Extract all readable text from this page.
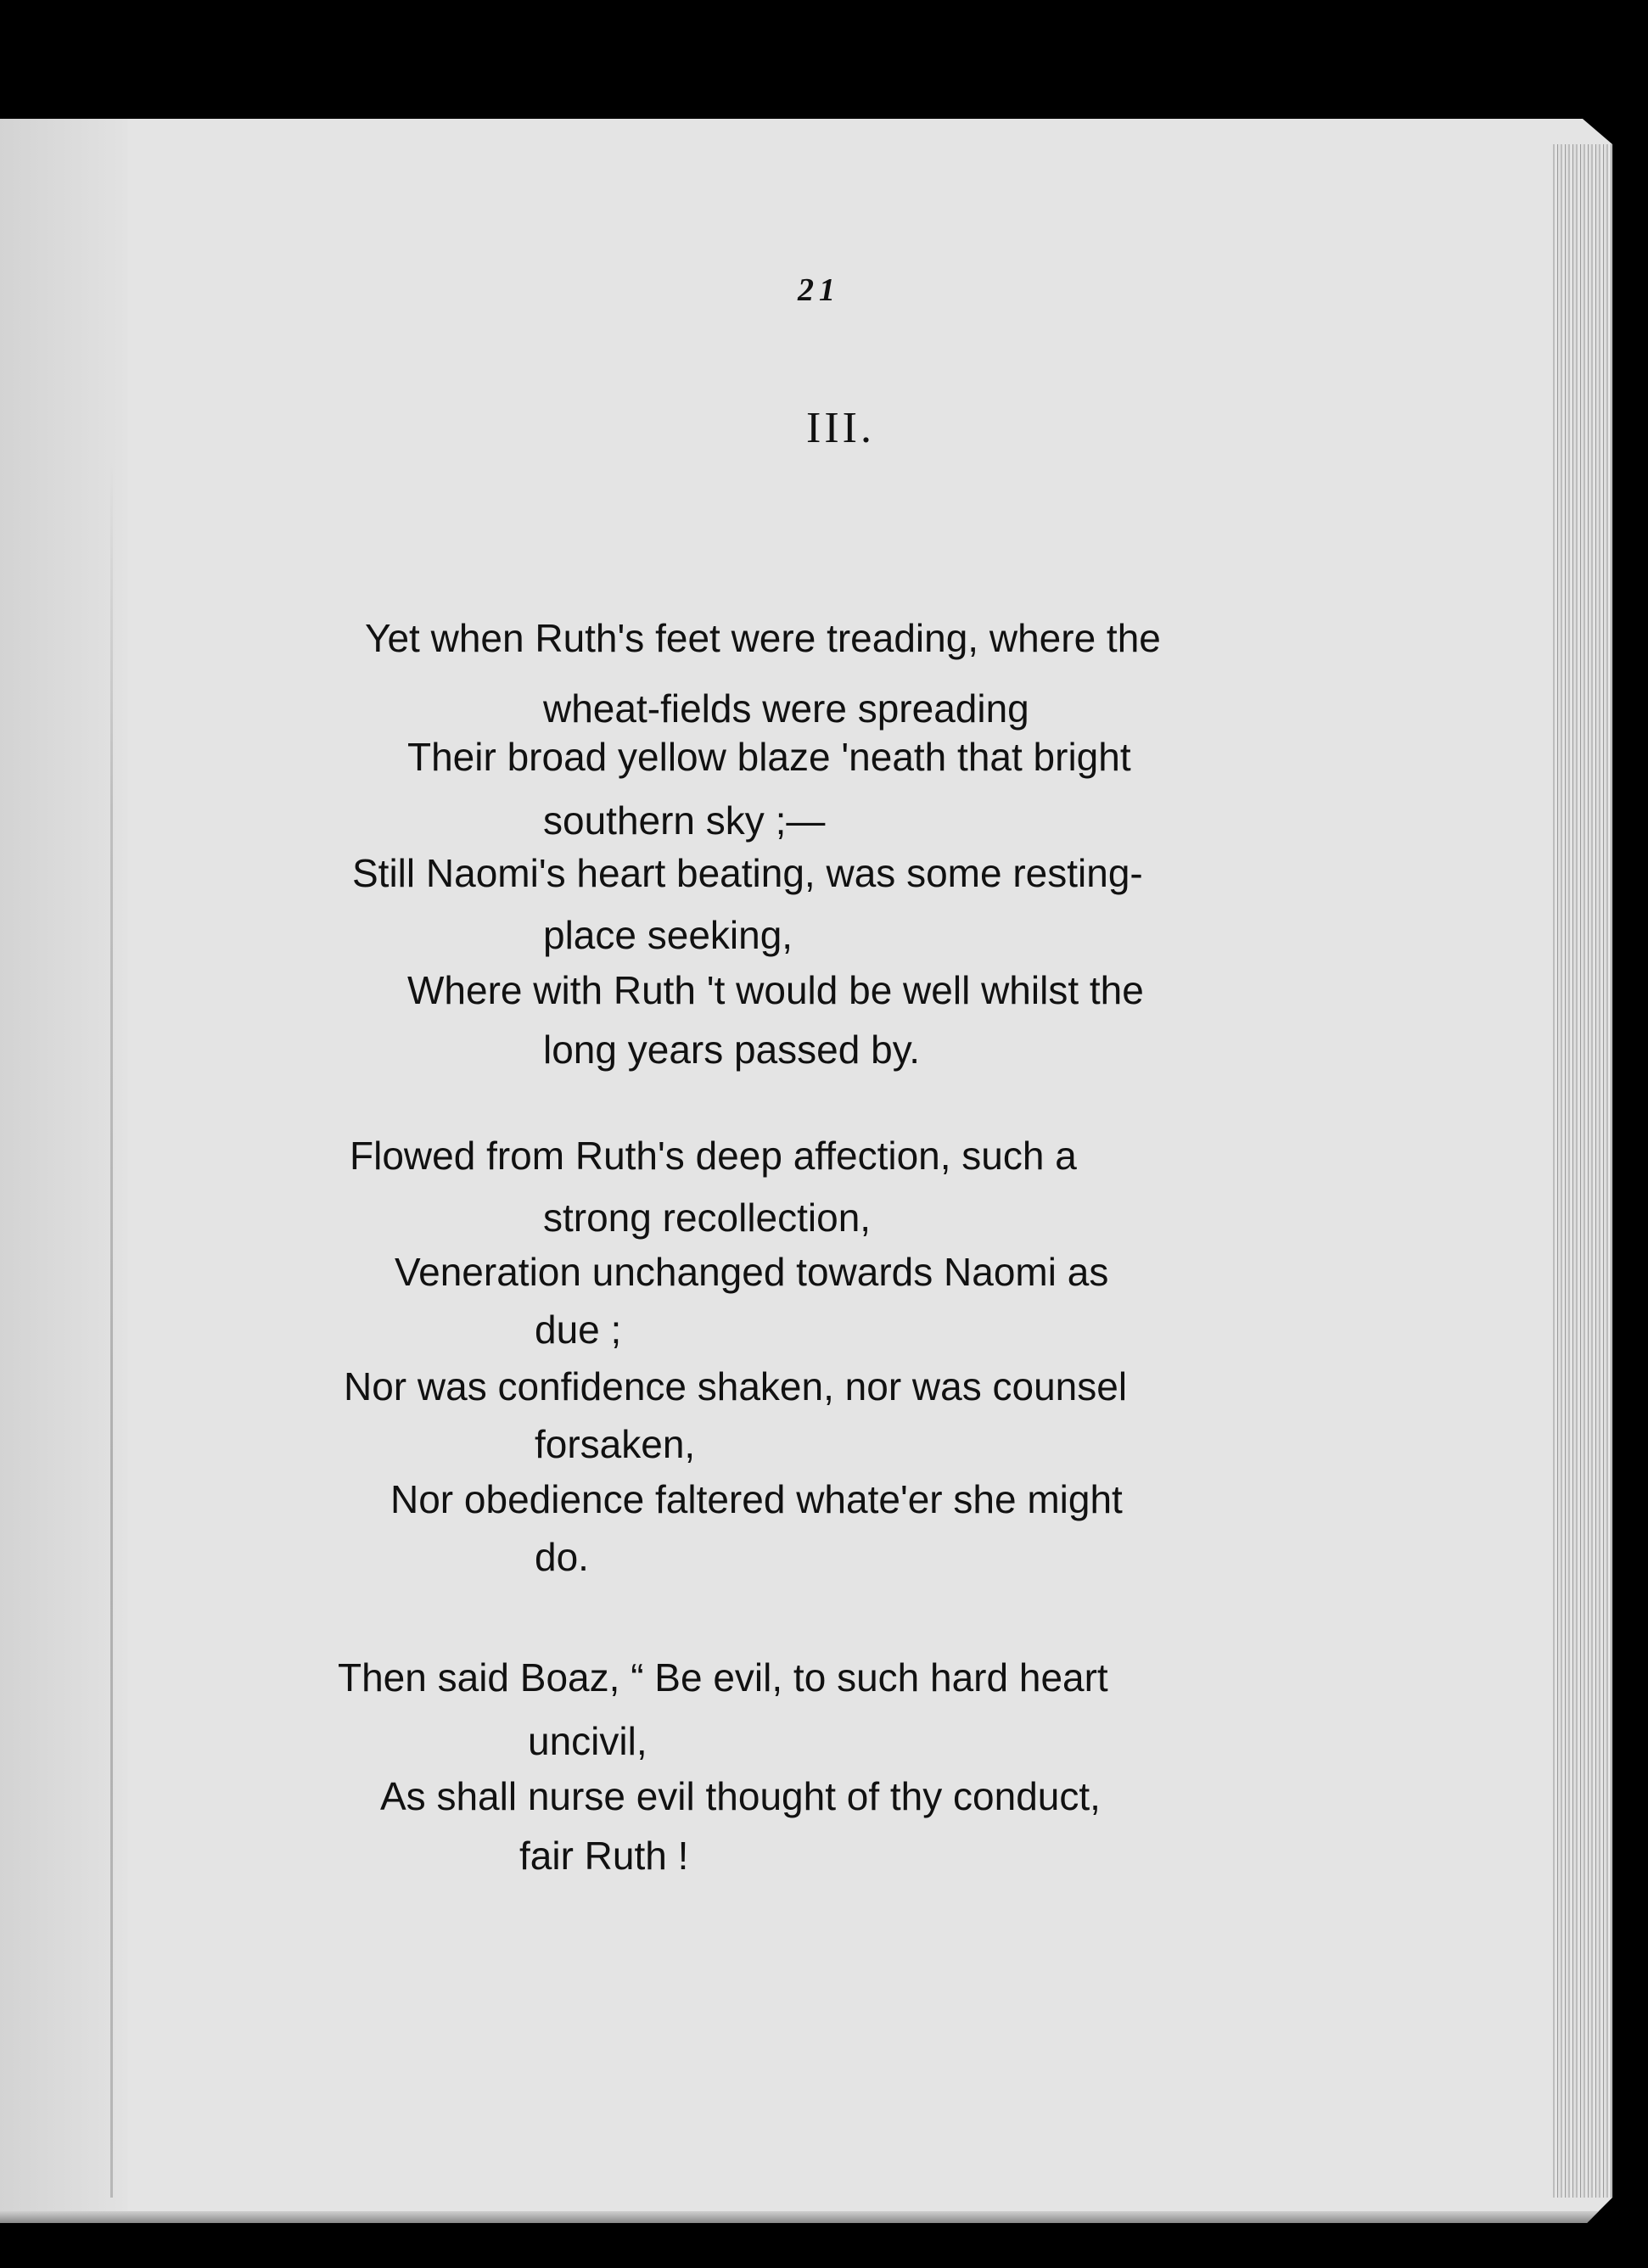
21
III.

Yet when Ruth's feet were treading, where the

wheat-fields were spreading

Their broad yellow blaze 'neath that bright

southern sky ;—

Still Naomi's heart beating, was some resting-

place seeking,

Where with Ruth 't would be well whilst the

long years passed by.

Flowed from Ruth's deep affection, such a

strong recollection,

Veneration unchanged towards Naomi as

due ;

Nor was confidence shaken, nor was counsel

forsaken,

Nor obedience faltered whate'er she might

do.

Then said Boaz, “ Be evil, to such hard heart

uncivil,

As shall nurse evil thought of thy conduct,

fair Ruth !
